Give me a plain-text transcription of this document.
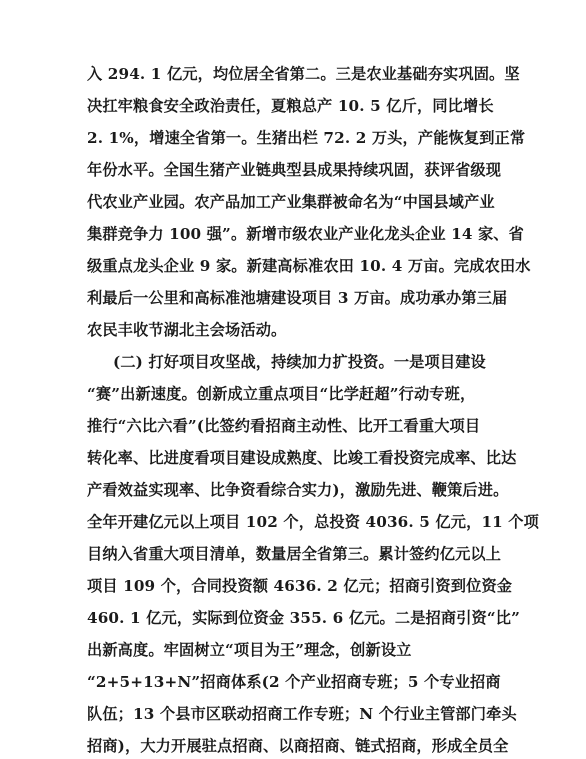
入 294. 1 亿元，均位居全省第二。三是农业基础夯实巩固。坚

决扛牢粮食安全政治责任，夏粮总产 10. 5 亿斤，同比增长

2. 1%，增速全省第一。生猪出栏 72. 2 万头，产能恢复到正常

年份水平。全国生猪产业链典型县成果持续巩固，获评省级现

代农业产业园。农产品加工产业集群被命名为“中国县域产业

集群竞争力 100 强”。新增市级农业产业化龙头企业 14 家、省

级重点龙头企业 9 家。新建高标准农田 10. 4 万亩。完成农田水

利最后一公里和高标准池塘建设项目 3 万亩。成功承办第三届

农民丰收节湖北主会场活动。

(二) 打好项目攻坚战，持续加力扩投资。一是项目建设

“赛”出新速度。创新成立重点项目“比学赶超”行动专班，

推行“六比六看”(比签约看招商主动性、比开工看重大项目

转化率、比进度看项目建设成熟度、比竣工看投资完成率、比达

产看效益实现率、比争资看综合实力)，激励先进、鞭策后进。

全年开建亿元以上项目 102 个，总投资 4036. 5 亿元，11 个项

目纳入省重大项目清单，数量居全省第三。累计签约亿元以上

项目 109 个，合同投资额 4636. 2 亿元；招商引资到位资金

460. 1 亿元，实际到位资金 355. 6 亿元。二是招商引资“比”

出新高度。牢固树立“项目为王”理念，创新设立

“2+5+13+N”招商体系(2 个产业招商专班；5 个专业招商

队伍；13 个县市区联动招商工作专班；N 个行业主管部门牵头

招商)，大力开展驻点招商、以商招商、链式招商，形成全员全
